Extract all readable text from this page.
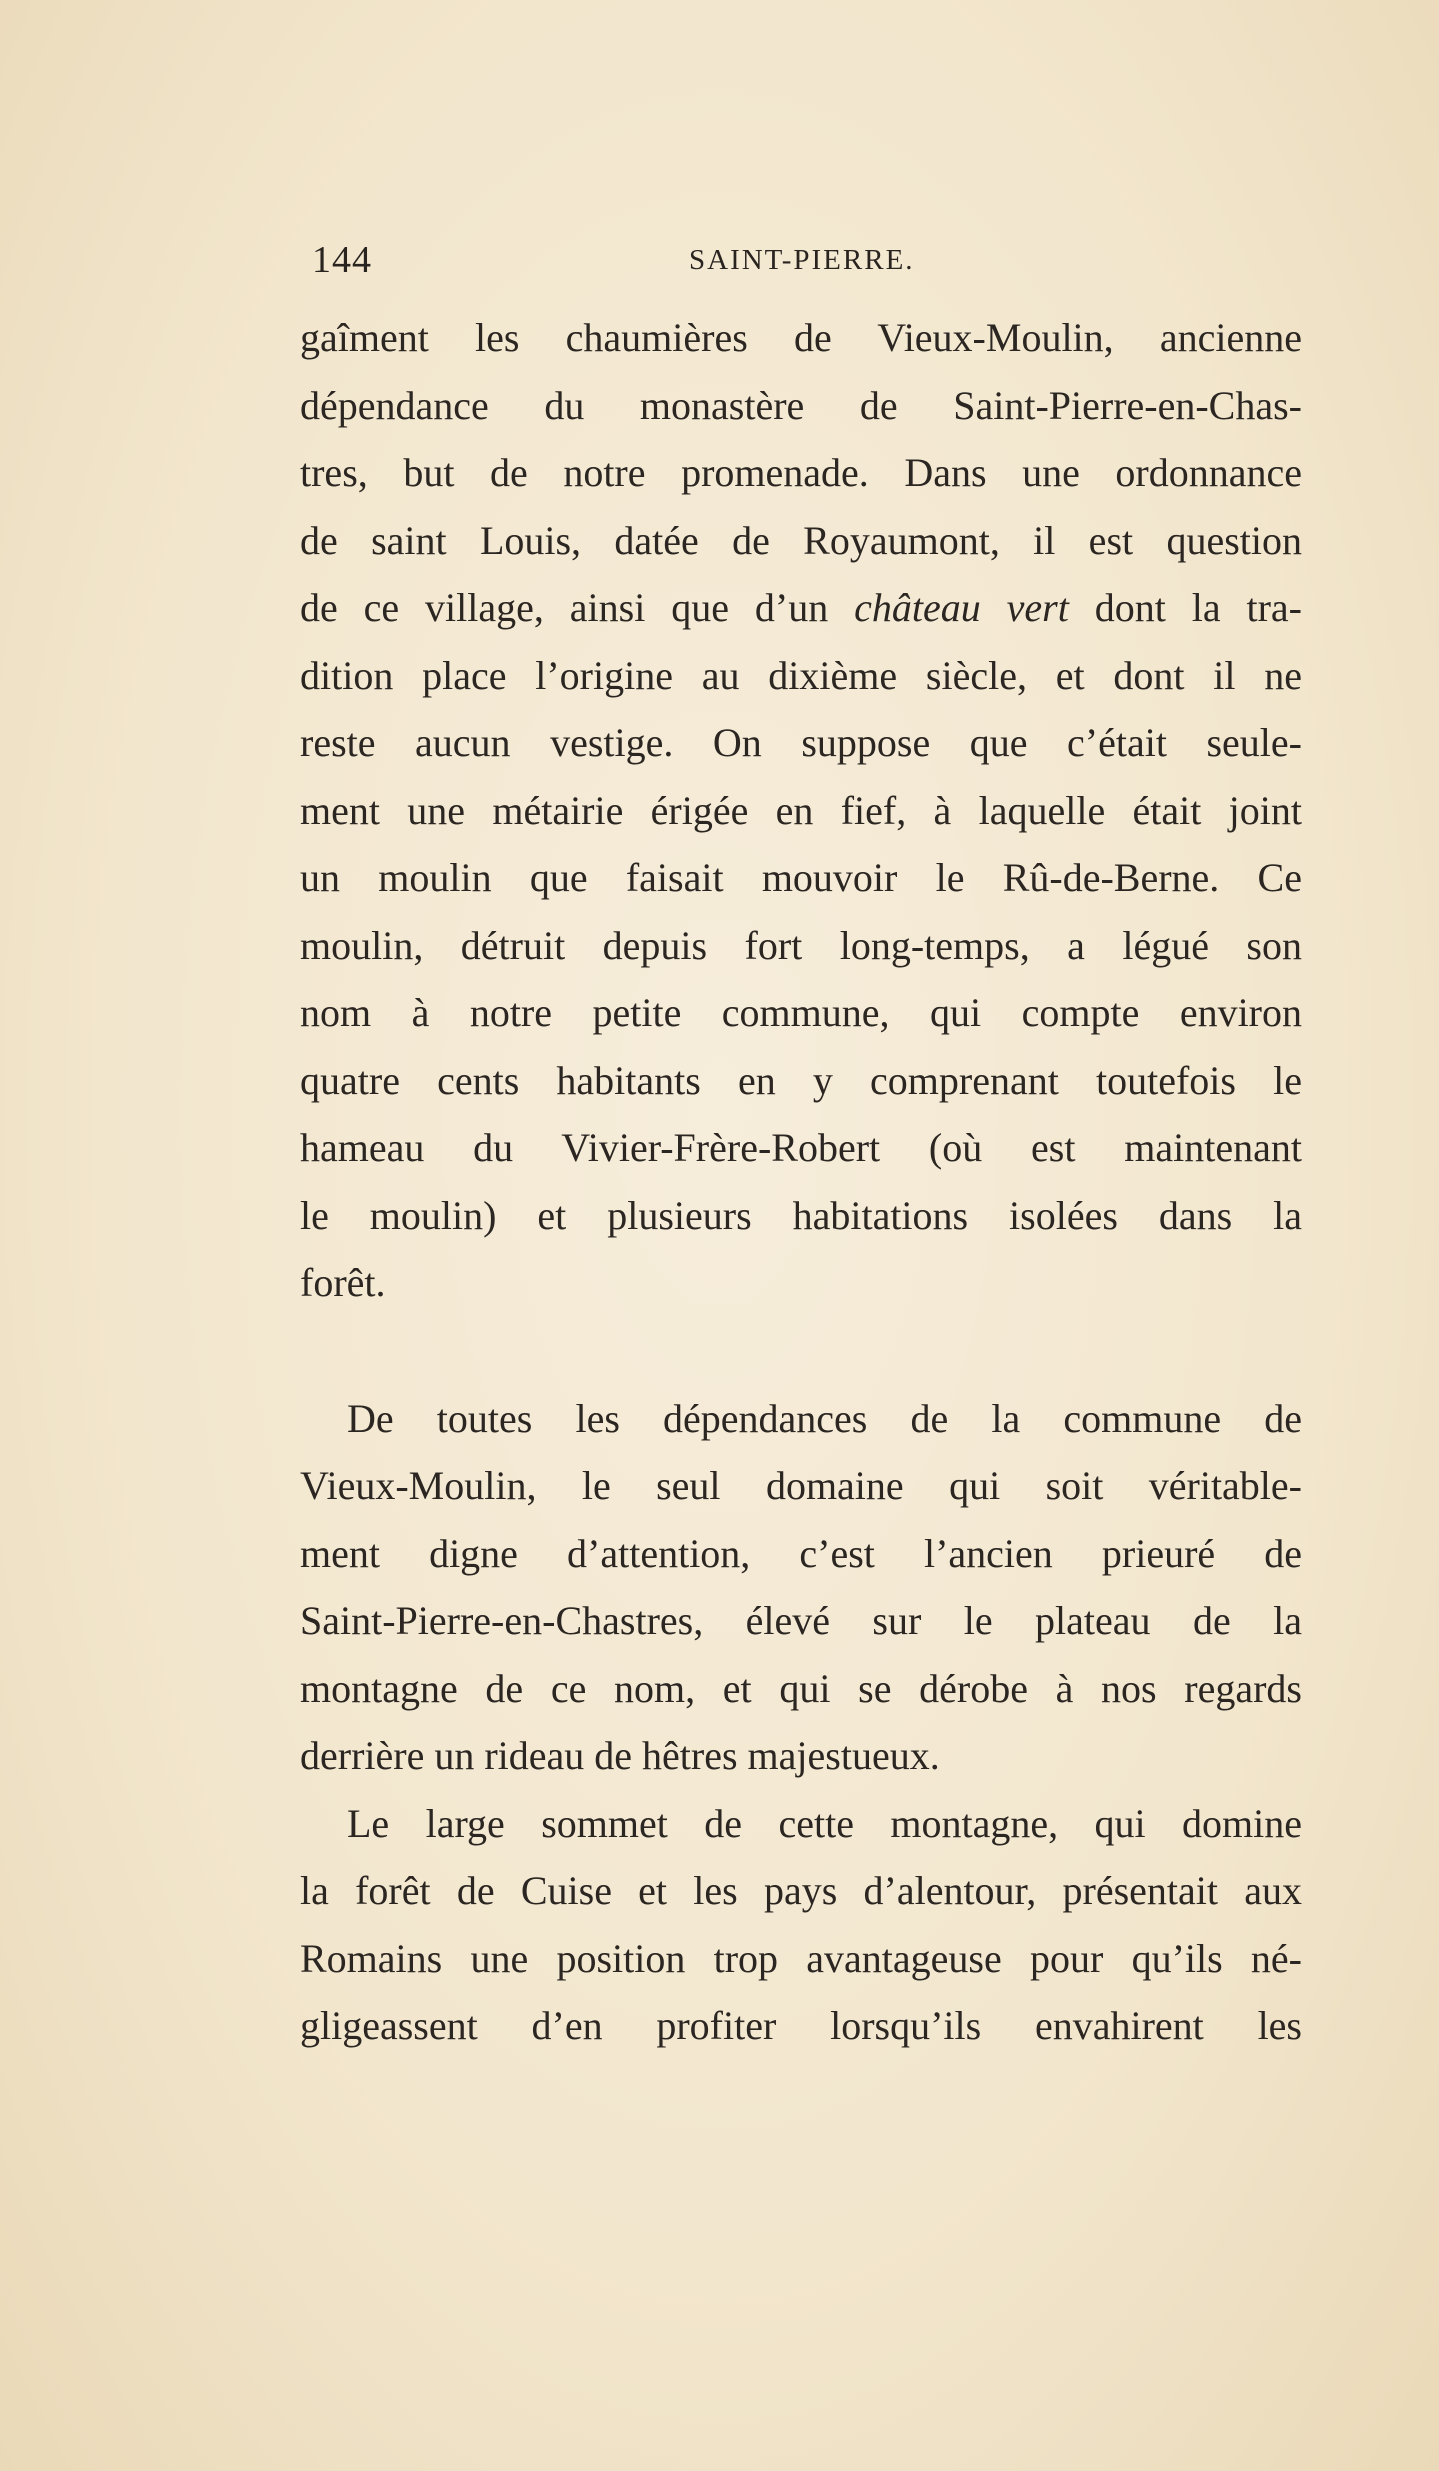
144	SAINT-PIERRE.
gaîment les chaumières de Vieux-Moulin, ancienne
dépendance du monastère de Saint-Pierre-en-Chas-
tres, but de notre promenade. Dans une ordonnance
de saint Louis, datée de Royaumont, il est question
de ce village, ainsi que d’un château vert dont la tra-
dition place l’origine au dixième siècle, et dont il ne
reste aucun vestige. On suppose que c’était seule-
ment une métairie érigée en fief, à laquelle était joint
un moulin que faisait mouvoir le Rû-de-Berne. Ce
moulin, détruit depuis fort long-temps, a légué son
nom à notre petite commune, qui compte environ
quatre cents habitants en y comprenant toutefois le
hameau du Vivier-Frère-Robert (où est maintenant
le moulin) et plusieurs habitations isolées dans la
forêt.
De toutes les dépendances de la commune de
Vieux-Moulin, le seul domaine qui soit véritable-
ment digne d’attention, c’est l’ancien prieuré de
Saint-Pierre-en-Chastres, élevé sur le plateau de la
montagne de ce nom, et qui se dérobe à nos regards
derrière un rideau de hêtres majestueux.
Le large sommet de cette montagne, qui domine
la forêt de Cuise et les pays d’alentour, présentait aux
Romains une position trop avantageuse pour qu’ils né-
gligeassent d’en profiter lorsqu’ils envahirent les
